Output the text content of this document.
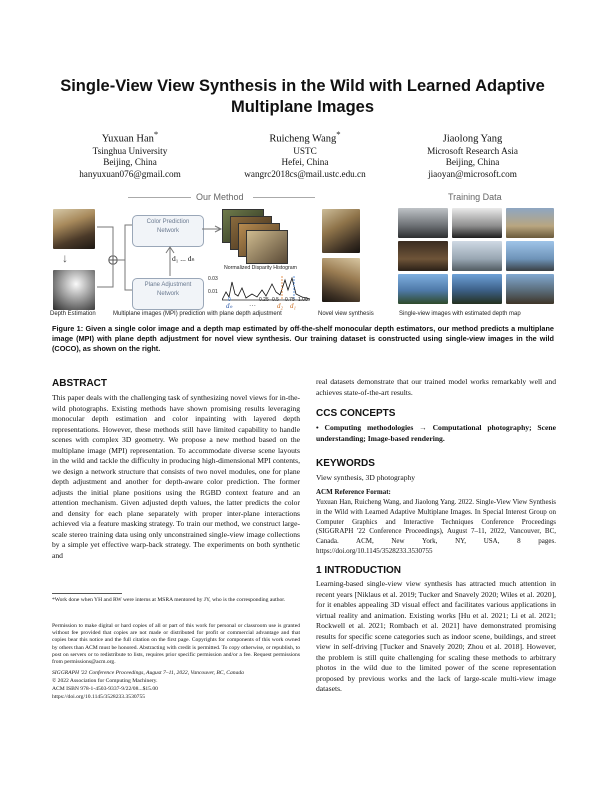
Single-View View Synthesis in the Wild with Learned Adaptive Multiplane Images
Yuxuan Han*
Tsinghua University
Beijing, China
hanyuxuan076@gmail.com
Ruicheng Wang*
USTC
Hefei, China
wangrc2018cs@mail.ustc.edu.cn
Jiaolong Yang
Microsoft Research Asia
Beijing, China
jiaoyan@microsoft.com
Our Method	Training Data
↓
Color Prediction Network
Plane Adjustment Network
d₁ ... dₙ
Normalized Disparity Histogram
0.03
0.01
0	0.25 0.5 0.75 1.00
dₙ …	d₂ d₁
Depth Estimation	Multiplane images (MPI) prediction with plane depth adjustment	Novel view synthesis	Single-view images with estimated depth map
Figure 1: Given a single color image and a depth map estimated by off-the-shelf monocular depth estimators, our method predicts a multiplane image (MPI) with plane depth adjustment for novel view synthesis. Our training dataset is constructed using single-view images in the wild (COCO), as shown on the right.
ABSTRACT
This paper deals with the challenging task of synthesizing novel views for in-the-wild photographs. Existing methods have shown promising results leveraging monocular depth estimation and color inpainting with layered depth representations. However, these methods still have limited capability to handle scenes with complex 3D geometry. We propose a new method based on the multiplane image (MPI) representation. To accommodate diverse scene layouts in the wild and tackle the difficulty in producing high-dimensional MPI contents, we design a network structure that consists of two novel modules, one for plane depth adjustment and another for depth-aware color prediction. The former adjusts the initial plane positions using the RGBD context feature and an attention mechanism. Given adjusted depth values, the latter predicts the color and density for each plane separately with proper inter-plane interactions achieved via a feature masking strategy. To train our method, we construct large-scale stereo training data using only unconstrained single-view image collections by a simple yet effective warp-back strategy. The experiments on both synthetic and
*Work done when YH and RW were interns at MSRA mentored by JY, who is the corresponding author.
Permission to make digital or hard copies of all or part of this work for personal or classroom use is granted without fee provided that copies are not made or distributed for profit or commercial advantage and that copies bear this notice and the full citation on the first page. Copyrights for components of this work owned by others than ACM must be honored. Abstracting with credit is permitted. To copy otherwise, or republish, to post on servers or to redistribute to lists, requires prior specific permission and/or a fee. Request permissions from permissions@acm.org.
SIGGRAPH '22 Conference Proceedings, August 7–11, 2022, Vancouver, BC, Canada
© 2022 Association for Computing Machinery.
ACM ISBN 978-1-4503-9337-9/22/08...$15.00
https://doi.org/10.1145/3528233.3530755
real datasets demonstrate that our trained model works remarkably well and achieves state-of-the-art results.
CCS CONCEPTS
• Computing methodologies → Computational photography; Scene understanding; Image-based rendering.
KEYWORDS
View synthesis, 3D photography
ACM Reference Format:
Yuxuan Han, Ruicheng Wang, and Jiaolong Yang. 2022. Single-View View Synthesis in the Wild with Learned Adaptive Multiplane Images. In Special Interest Group on Computer Graphics and Interactive Techniques Conference Proceedings (SIGGRAPH '22 Conference Proceedings), August 7–11, 2022, Vancouver, BC, Canada. ACM, New York, NY, USA, 8 pages. https://doi.org/10.1145/3528233.3530755
1 INTRODUCTION
Learning-based single-view view synthesis has attracted much attention in recent years [Niklaus et al. 2019; Tucker and Snavely 2020; Wiles et al. 2020], for it enables appealing 3D visual effect and facilitates various applications in virtual reality and animation. Existing works [Hu et al. 2021; Li et al. 2021; Rockwell et al. 2021; Rombach et al. 2021] have demonstrated promising results for specific scene categories such as indoor scene, buildings, and street view in self-driving [Tucker and Snavely 2020; Zhou et al. 2018]. However, the problem is still quite challenging for scaling these methods to arbitrary photos in the wild due to the limited power of the scene representation proposed by previous works and the lack of large-scale multi-view image datasets.
